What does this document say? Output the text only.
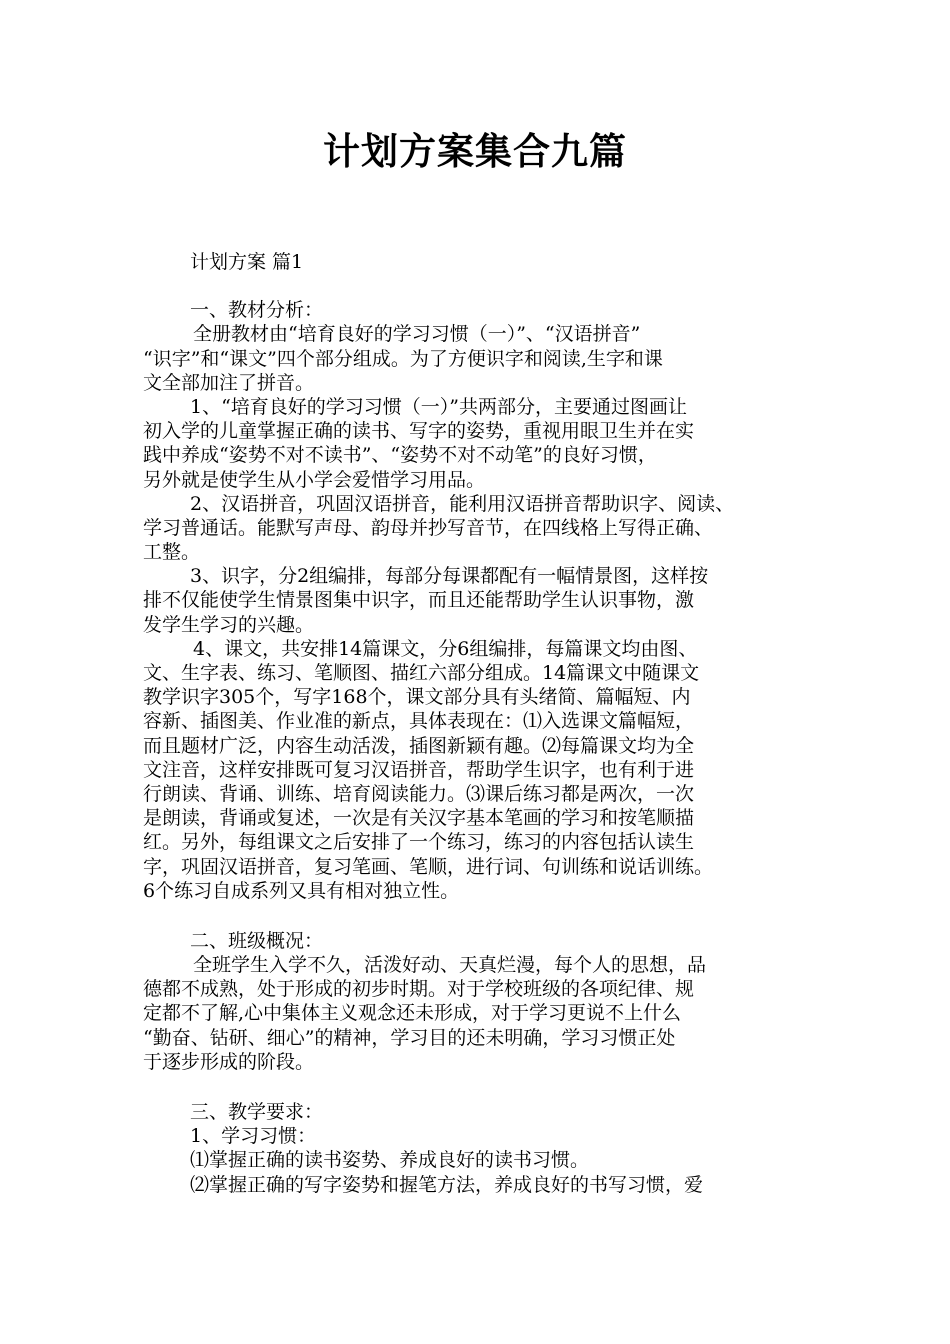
计划方案集合九篇
计划方案 篇1
一、教材分析：
全册教材由“培育良好的学习习惯（一）”、“汉语拼音”
“识字”和“课文”四个部分组成。为了方便识字和阅读,生字和课
文全部加注了拼音。
1、“培育良好的学习习惯（一）”共两部分，主要通过图画让
初入学的儿童掌握正确的读书、写字的姿势，重视用眼卫生并在实
践中养成“姿势不对不读书”、“姿势不对不动笔”的良好习惯，
另外就是使学生从小学会爱惜学习用品。
2、汉语拼音，巩固汉语拼音，能利用汉语拼音帮助识字、阅读、
学习普通话。能默写声母、韵母并抄写音节，在四线格上写得正确、
工整。
3、识字，分2组编排，每部分每课都配有一幅情景图，这样按
排不仅能使学生情景图集中识字，而且还能帮助学生认识事物，激
发学生学习的兴趣。
4、课文，共安排14篇课文，分6组编排，每篇课文均由图、
文、生字表、练习、笔顺图、描红六部分组成。14篇课文中随课文
教学识字305个，写字168个，课文部分具有头绪简、篇幅短、内
容新、插图美、作业准的新点，具体表现在：⑴入选课文篇幅短，
而且题材广泛，内容生动活泼，插图新颖有趣。⑵每篇课文均为全
文注音，这样安排既可复习汉语拼音，帮助学生识字，也有利于进
行朗读、背诵、训练、培育阅读能力。⑶课后练习都是两次，一次
是朗读，背诵或复述，一次是有关汉字基本笔画的学习和按笔顺描
红。另外，每组课文之后安排了一个练习，练习的内容包括认读生
字，巩固汉语拼音，复习笔画、笔顺，进行词、句训练和说话训练。
6个练习自成系列又具有相对独立性。
二、班级概况：
全班学生入学不久，活泼好动、天真烂漫，每个人的思想，品
德都不成熟，处于形成的初步时期。对于学校班级的各项纪律、规
定都不了解,心中集体主义观念还未形成，对于学习更说不上什么
“勤奋、钻研、细心”的精神，学习目的还未明确，学习习惯正处
于逐步形成的阶段。
三、教学要求：
1、学习习惯：
⑴掌握正确的读书姿势、养成良好的读书习惯。
⑵掌握正确的写字姿势和握笔方法，养成良好的书写习惯，爱
